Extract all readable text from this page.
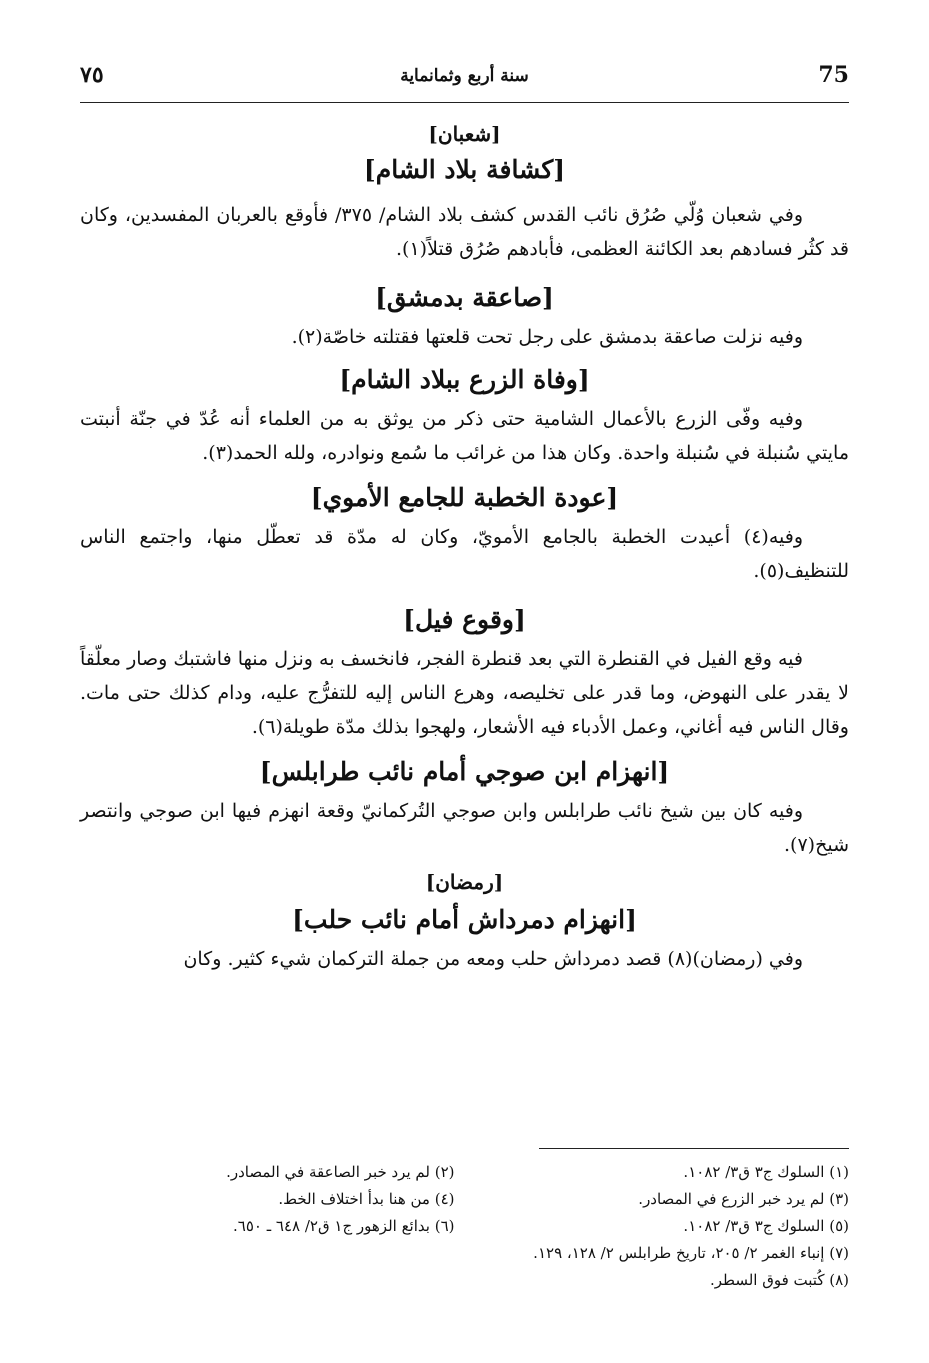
75
سنة أربع وثمانماية
٧٥

[شعبان]

[كشافة بلاد الشام]

وفي شعبان وُلّي صُرُق نائب القدس كشف بلاد الشام/ ٣٧٥/ فأوقع بالعربان المفسدين، وكان قد كثُر فسادهم بعد الكائنة العظمى، فأبادهم صُرُق قتلاً(١).

[صاعقة بدمشق]

وفيه نزلت صاعقة بدمشق على رجل تحت قلعتها فقتلته خاصّة(٢).

[وفاة الزرع ببلاد الشام]

وفيه وفّى الزرع بالأعمال الشامية حتى ذكر من يوثق به من العلماء أنه عُدّ في جنّة أنبتت مايتي سُنبلة في سُنبلة واحدة. وكان هذا من غرائب ما سُمع ونوادره، ولله الحمد(٣).

[عودة الخطبة للجامع الأموي]

وفيه(٤) أعيدت الخطبة بالجامع الأمويّ، وكان له مدّة قد تعطّل منها، واجتمع الناس للتنظيف(٥).

[وقوع فيل]

فيه وقع الفيل في القنطرة التي بعد قنطرة الفجر، فانخسف به ونزل منها فاشتبك وصار معلّقاً لا يقدر على النهوض، وما قدر على تخليصه، وهرع الناس إليه للتفرُّج عليه، ودام كذلك حتى مات. وقال الناس فيه أغاني، وعمل الأدباء فيه الأشعار، ولهجوا بذلك مدّة طويلة(٦).

[انهزام ابن صوجي أمام نائب طرابلس]

وفيه كان بين شيخ نائب طرابلس وابن صوجي التُركمانيّ وقعة انهزم فيها ابن صوجي وانتصر شيخ(٧).

[رمضان]

[انهزام دمرداش أمام نائب حلب]

وفي (رمضان)(٨) قصد دمرداش حلب ومعه من جملة التركمان شيء كثير. وكان

(١) السلوك ج٣ ق٣/ ١٠٨٢.
(٢) لم يرد خبر الصاعقة في المصادر.
(٣) لم يرد خبر الزرع في المصادر.
(٤) من هنا بدأ اختلاف الخط.
(٥) السلوك ج٣ ق٣/ ١٠٨٢.
(٦) بدائع الزهور ج١ ق٢/ ٦٤٨ ـ ٦٥٠.
(٧) إنباء الغمر ٢/ ٢٠٥، تاريخ طرابلس ٢/ ١٢٨، ١٢٩.
(٨) كُتبت فوق السطر.
